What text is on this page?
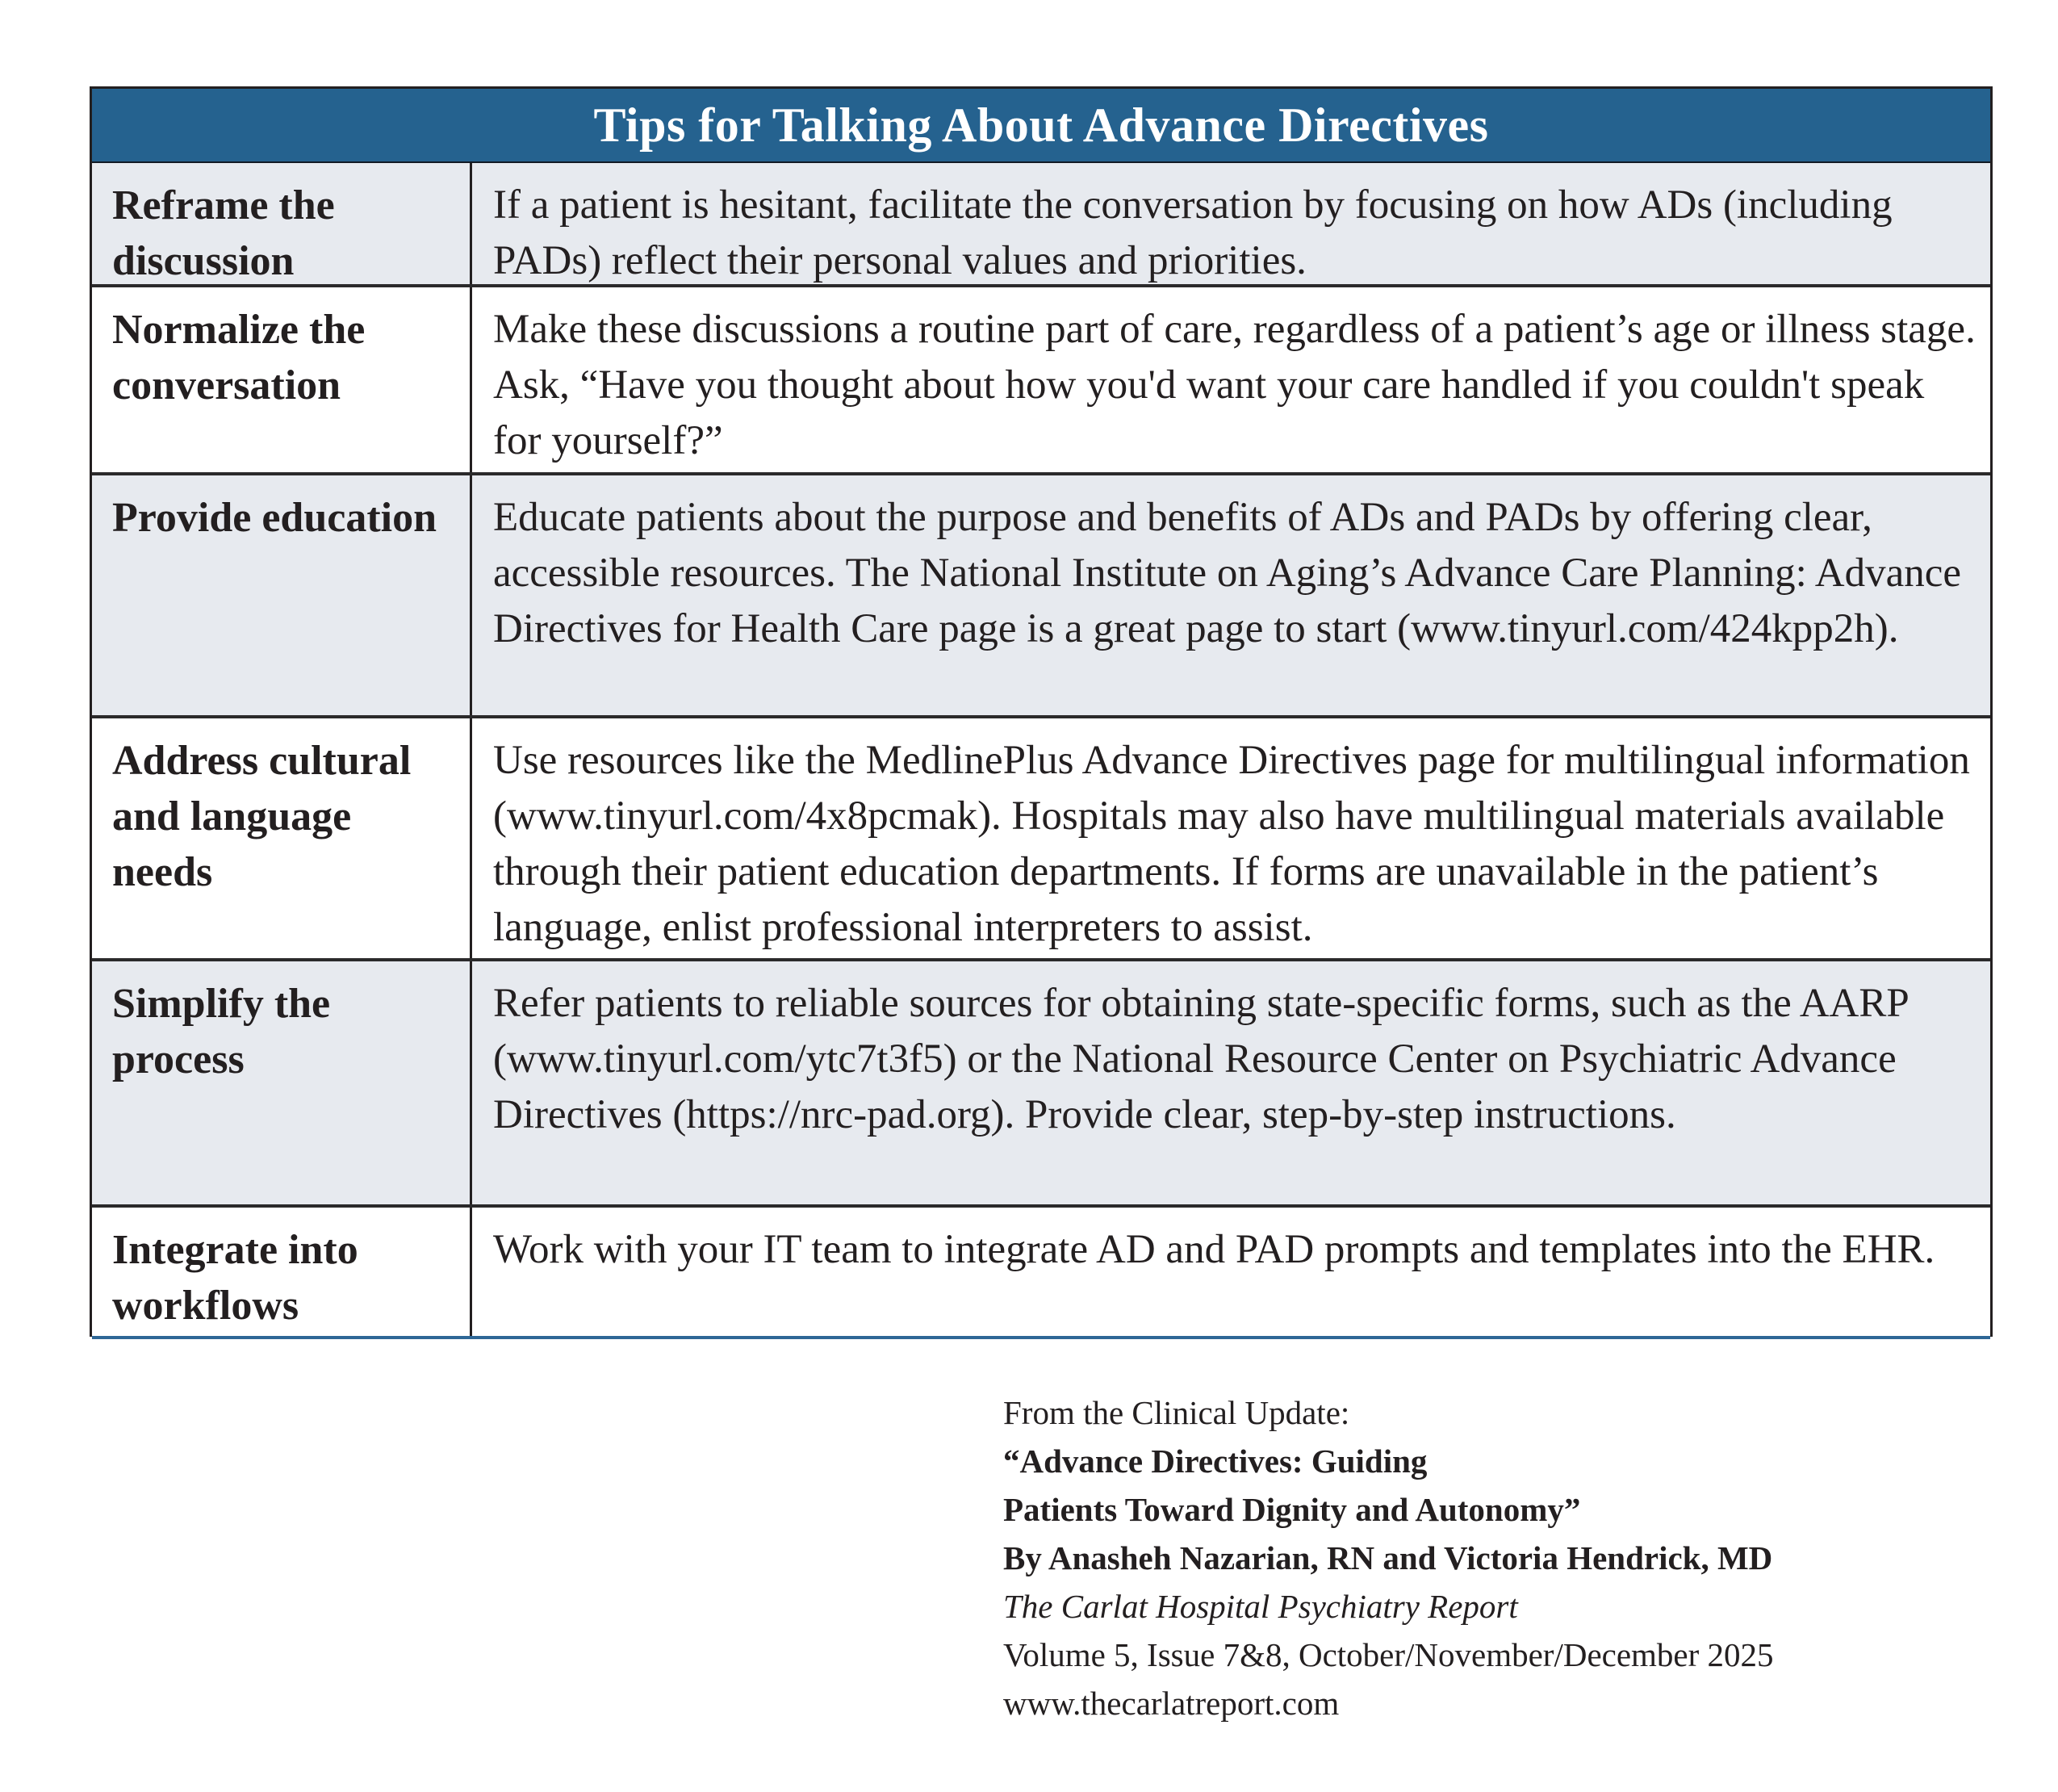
Tips for Talking About Advance Directives
Reframe the discussion
If a patient is hesitant, facilitate the conversation by focusing on how ADs (including PADs) reflect their personal values and priorities.
Normalize the conversation
Make these discussions a routine part of care, regardless of a patient’s age or illness stage. Ask, “Have you thought about how you'd want your care handled if you couldn't speak for yourself?”
Provide education	Educate patients about the purpose and benefits of ADs and PADs by offering clear, accessible resources. The National Institute on Aging’s Advance Care Planning: Advance Directives for Health Care page is a great page to start (www.tinyurl.com/424kpp2h).
Address cultural and language needs
Use resources like the MedlinePlus Advance Directives page for multilingual information (www.tinyurl.com/4x8pcmak). Hospitals may also have multilingual materials available through their patient education departments. If forms are unavailable in the patient’s language, enlist professional interpreters to assist.
Simplify the process
Refer patients to reliable sources for obtaining state-specific forms, such as the AARP (www.tinyurl.com/ytc7t3f5) or the National Resource Center on Psychiatric Advance Directives (https://nrc-pad.org). Provide clear, step-by-step instructions.
Integrate into workflows
Work with your IT team to integrate AD and PAD prompts and templates into the EHR.
From the Clinical Update:
“Advance Directives: Guiding
Patients Toward Dignity and Autonomy”
By Anasheh Nazarian, RN and Victoria Hendrick, MD
The Carlat Hospital Psychiatry Report
Volume 5, Issue 7&8, October/November/December 2025
www.thecarlatreport.com
